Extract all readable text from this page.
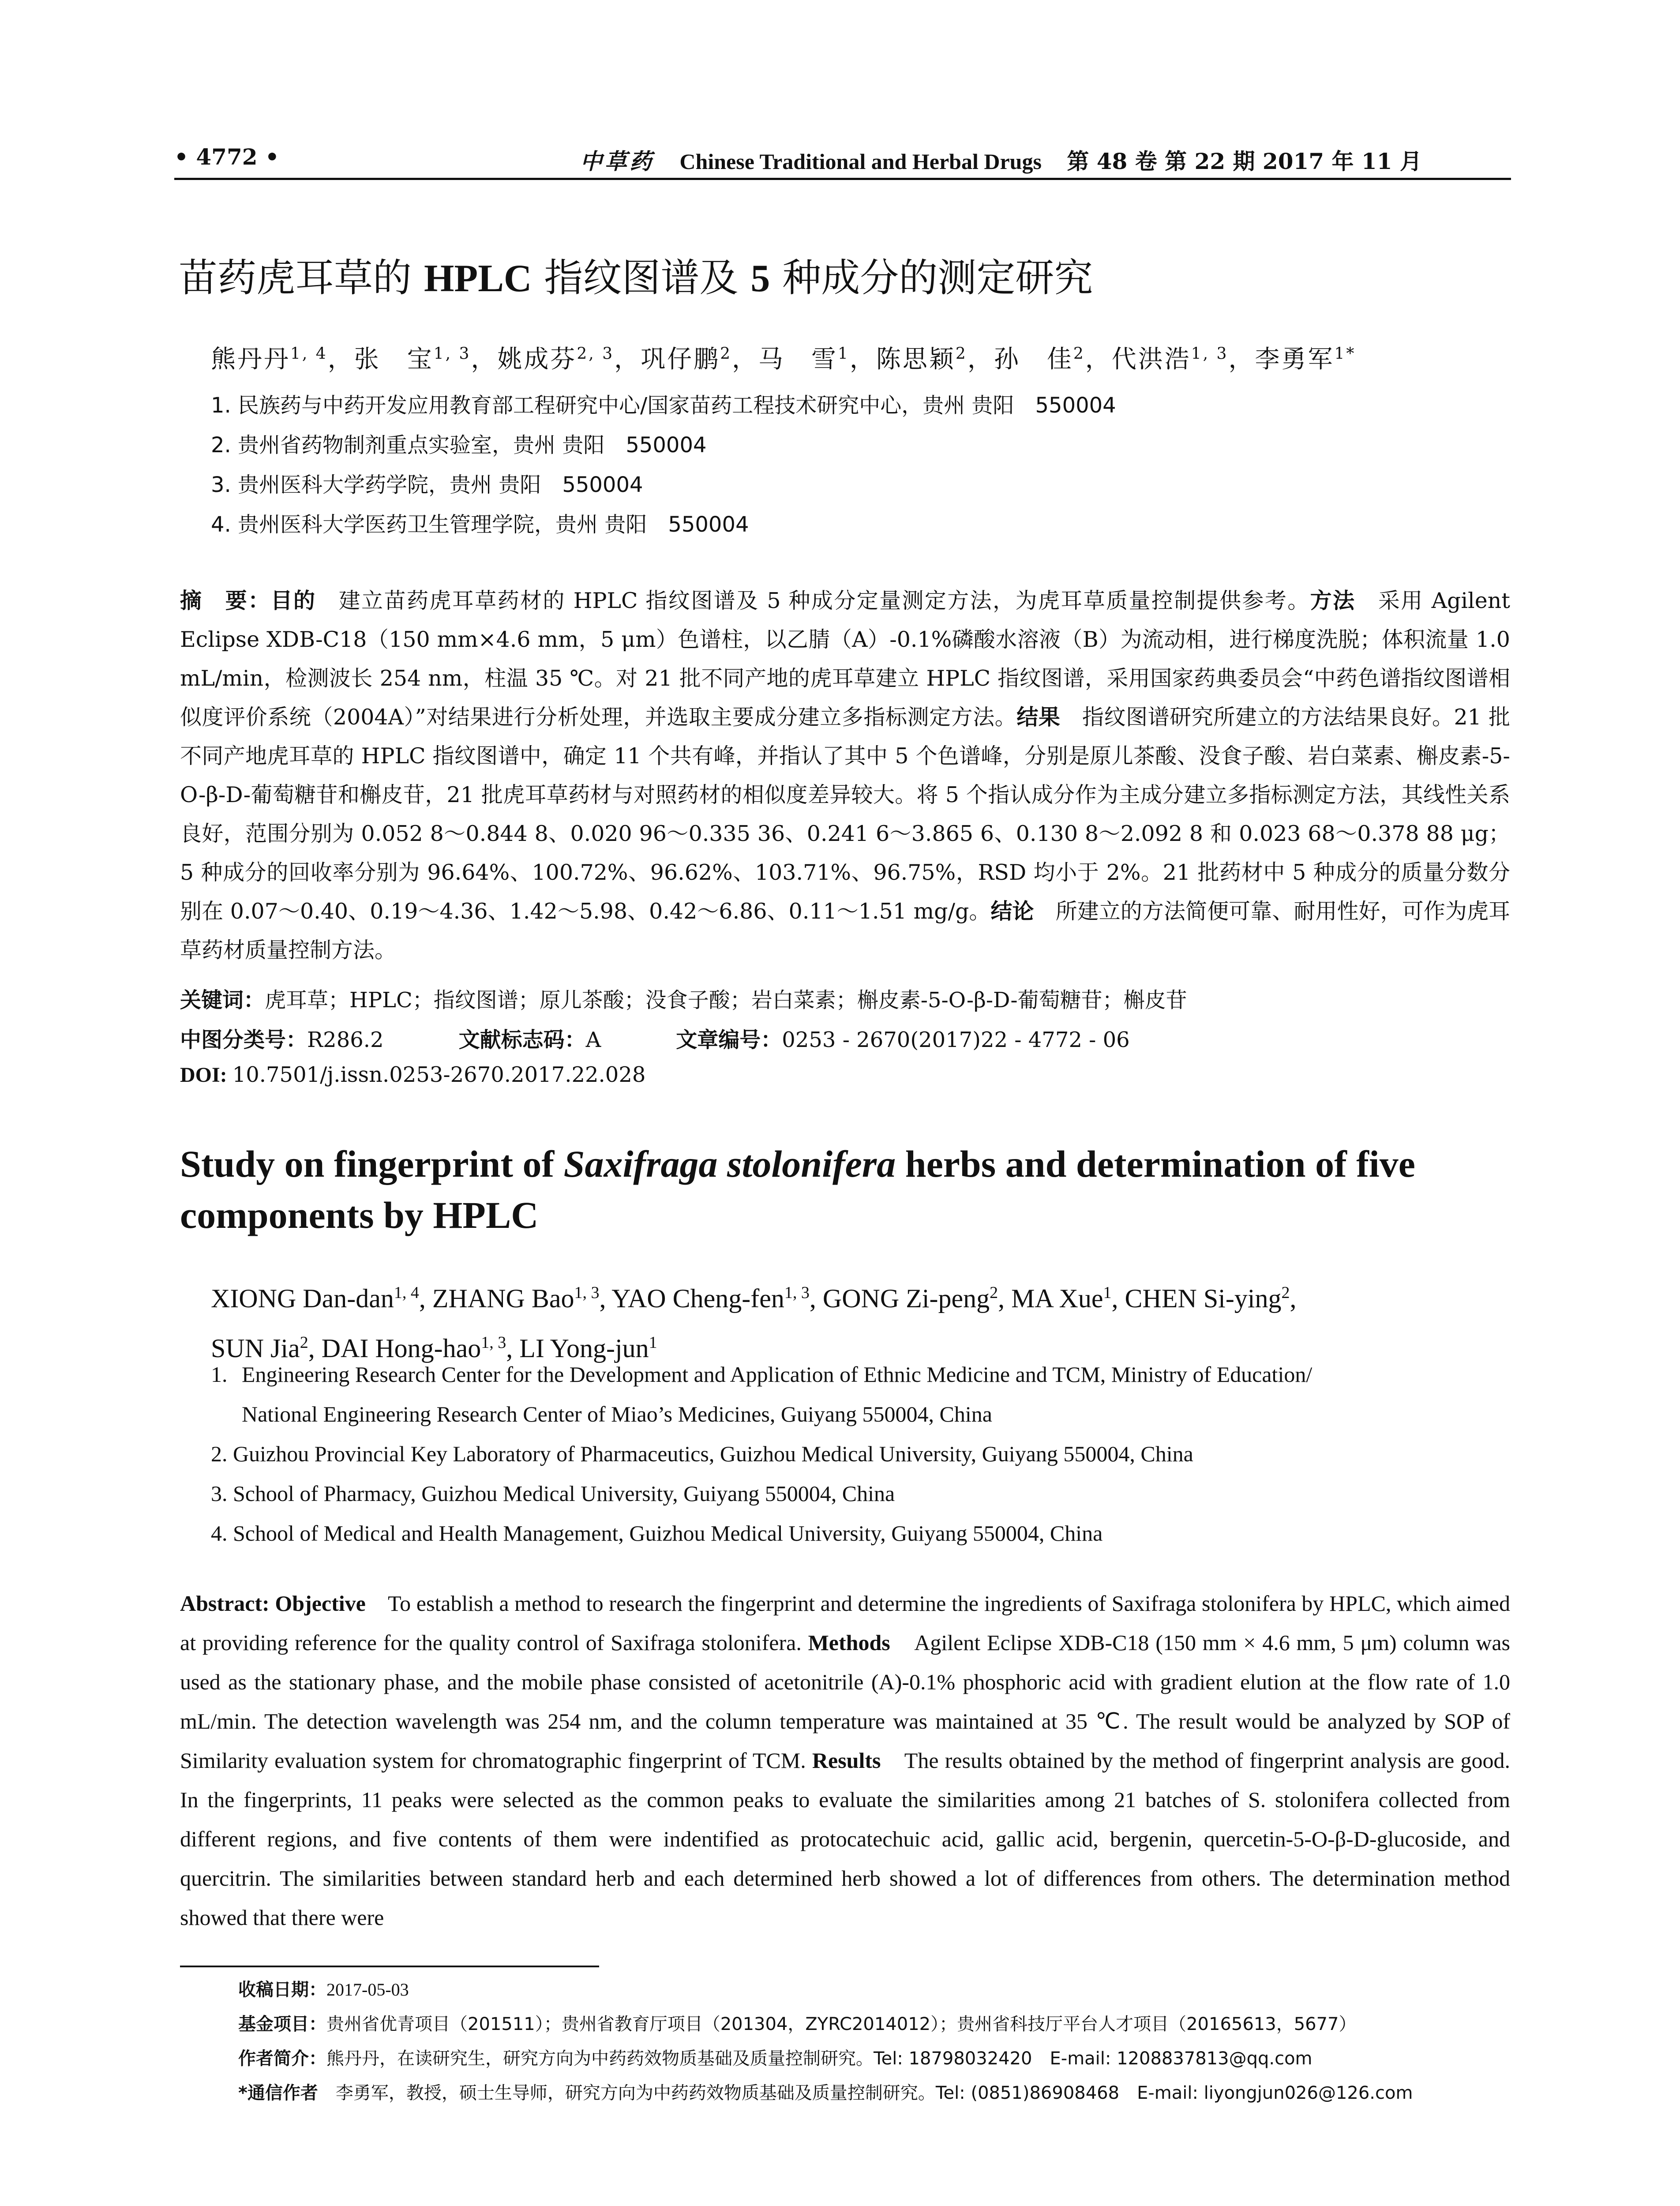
• 4772 •	中草药 Chinese Traditional and Herbal Drugs 第 48 卷 第 22 期 2017 年 11 月
苗药虎耳草的 HPLC 指纹图谱及 5 种成分的测定研究
熊丹丹$^{1, 4}$，张　宝$^{1, 3}$，姚成芬$^{2, 3}$，巩仔鹏$^2$，马　雪$^1$，陈思颖$^2$，孙　佳$^2$，代洪浩$^{1, 3}$，李勇军$^{1*}$
1. 民族药与中药开发应用教育部工程研究中心/国家苗药工程技术研究中心，贵州 贵阳　550004
2. 贵州省药物制剂重点实验室，贵州 贵阳　550004
3. 贵州医科大学药学院，贵州 贵阳　550004
4. 贵州医科大学医药卫生管理学院，贵州 贵阳　550004

摘　要：目的　建立苗药虎耳草药材的 HPLC 指纹图谱及 5 种成分定量测定方法，为虎耳草质量控制提供参考。方法　采用 Agilent Eclipse XDB-C18（150 mm×4.6 mm，5 μm）色谱柱，以乙腈（A）-0.1%磷酸水溶液（B）为流动相，进行梯度洗脱；体积流量 1.0 mL/min，检测波长 254 nm，柱温 35 ℃。对 21 批不同产地的虎耳草建立 HPLC 指纹图谱，采用国家药典委员会“中药色谱指纹图谱相似度评价系统（2004A）”对结果进行分析处理，并选取主要成分建立多指标测定方法。结果　指纹图谱研究所建立的方法结果良好。21 批不同产地虎耳草的 HPLC 指纹图谱中，确定 11 个共有峰，并指认了其中 5 个色谱峰，分别是原儿茶酸、没食子酸、岩白菜素、槲皮素-5-O-β-D-葡萄糖苷和槲皮苷，21 批虎耳草药材与对照药材的相似度差异较大。将 5 个指认成分作为主成分建立多指标测定方法，其线性关系良好，范围分别为 0.052 8～0.844 8、0.020 96～0.335 36、0.241 6～3.865 6、0.130 8～2.092 8 和 0.023 68～0.378 88 μg；5 种成分的回收率分别为 96.64%、100.72%、96.62%、103.71%、96.75%，RSD 均小于 2%。21 批药材中 5 种成分的质量分数分别在 0.07～0.40、0.19～4.36、1.42～5.98、0.42～6.86、0.11～1.51 mg/g。结论　所建立的方法简便可靠、耐用性好，可作为虎耳草药材质量控制方法。

关键词：虎耳草；HPLC；指纹图谱；原儿茶酸；没食子酸；岩白菜素；槲皮素-5-O-β-D-葡萄糖苷；槲皮苷
中图分类号：R286.2	文献标志码：A	文章编号：0253 - 2670(2017)22 - 4772 - 06
DOI: 10.7501/j.issn.0253-2670.2017.22.028
Study on fingerprint of Saxifraga stolonifera herbs and determination of five components by HPLC
XIONG Dan-dan$^{1, 4}$, ZHANG Bao$^{1, 3}$, YAO Cheng-fen$^{1, 3}$, GONG Zi-peng$^2$, MA Xue$^1$, CHEN Si-ying$^2$,
SUN Jia$^2$, DAI Hong-hao$^{1, 3}$, LI Yong-jun$^1$
1. Engineering Research Center for the Development and Application of Ethnic Medicine and TCM, Ministry of Education/
National Engineering Research Center of Miao’s Medicines, Guiyang 550004, China
2. Guizhou Provincial Key Laboratory of Pharmaceutics, Guizhou Medical University, Guiyang 550004, China
3. School of Pharmacy, Guizhou Medical University, Guiyang 550004, China
4. School of Medical and Health Management, Guizhou Medical University, Guiyang 550004, China

Abstract: Objective　To establish a method to research the fingerprint and determine the ingredients of Saxifraga stolonifera by HPLC, which aimed at providing reference for the quality control of Saxifraga stolonifera. Methods　Agilent Eclipse XDB-C18 (150 mm × 4.6 mm, 5 μm) column was used as the stationary phase, and the mobile phase consisted of acetonitrile (A)-0.1% phosphoric acid with gradient elution at the flow rate of 1.0 mL/min. The detection wavelength was 254 nm, and the column temperature was maintained at 35 ℃. The result would be analyzed by SOP of Similarity evaluation system for chromatographic fingerprint of TCM. Results　The results obtained by the method of fingerprint analysis are good. In the fingerprints, 11 peaks were selected as the common peaks to evaluate the similarities among 21 batches of S. stolonifera collected from different regions, and five contents of them were indentified as protocatechuic acid, gallic acid, bergenin, quercetin-5-O-β-D-glucoside, and quercitrin. The similarities between standard herb and each determined herb showed a lot of differences from others. The determination method showed that there were

收稿日期：2017-05-03
基金项目：贵州省优青项目（201511）；贵州省教育厅项目（201304，ZYRC2014012）；贵州省科技厅平台人才项目（20165613，5677）
作者简介：熊丹丹，在读研究生，研究方向为中药药效物质基础及质量控制研究。Tel: 18798032420　E-mail: 1208837813@qq.com
*通信作者　李勇军，教授，硕士生导师，研究方向为中药药效物质基础及质量控制研究。Tel: (0851)86908468　E-mail: liyongjun026@126.com
